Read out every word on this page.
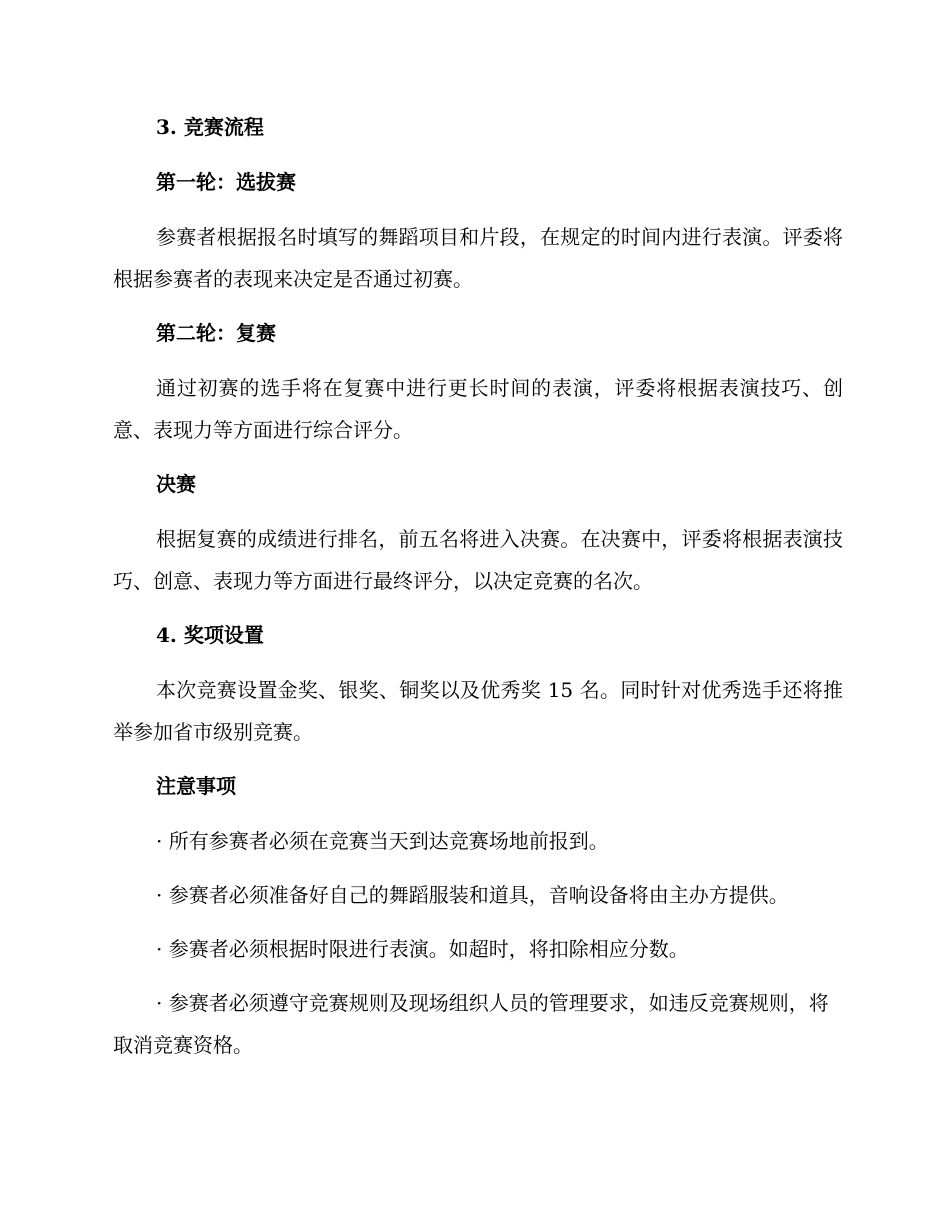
3. 竞赛流程

第一轮：选拔赛

参赛者根据报名时填写的舞蹈项目和片段，在规定的时间内进行表演。评委将根据参赛者的表现来决定是否通过初赛。

第二轮：复赛

通过初赛的选手将在复赛中进行更长时间的表演，评委将根据表演技巧、创意、表现力等方面进行综合评分。

决赛

根据复赛的成绩进行排名，前五名将进入决赛。在决赛中，评委将根据表演技巧、创意、表现力等方面进行最终评分，以决定竞赛的名次。

4. 奖项设置

本次竞赛设置金奖、银奖、铜奖以及优秀奖 15 名。同时针对优秀选手还将推举参加省市级别竞赛。

注意事项

· 所有参赛者必须在竞赛当天到达竞赛场地前报到。

· 参赛者必须准备好自己的舞蹈服装和道具，音响设备将由主办方提供。

· 参赛者必须根据时限进行表演。如超时，将扣除相应分数。

· 参赛者必须遵守竞赛规则及现场组织人员的管理要求，如违反竞赛规则，将取消竞赛资格。
